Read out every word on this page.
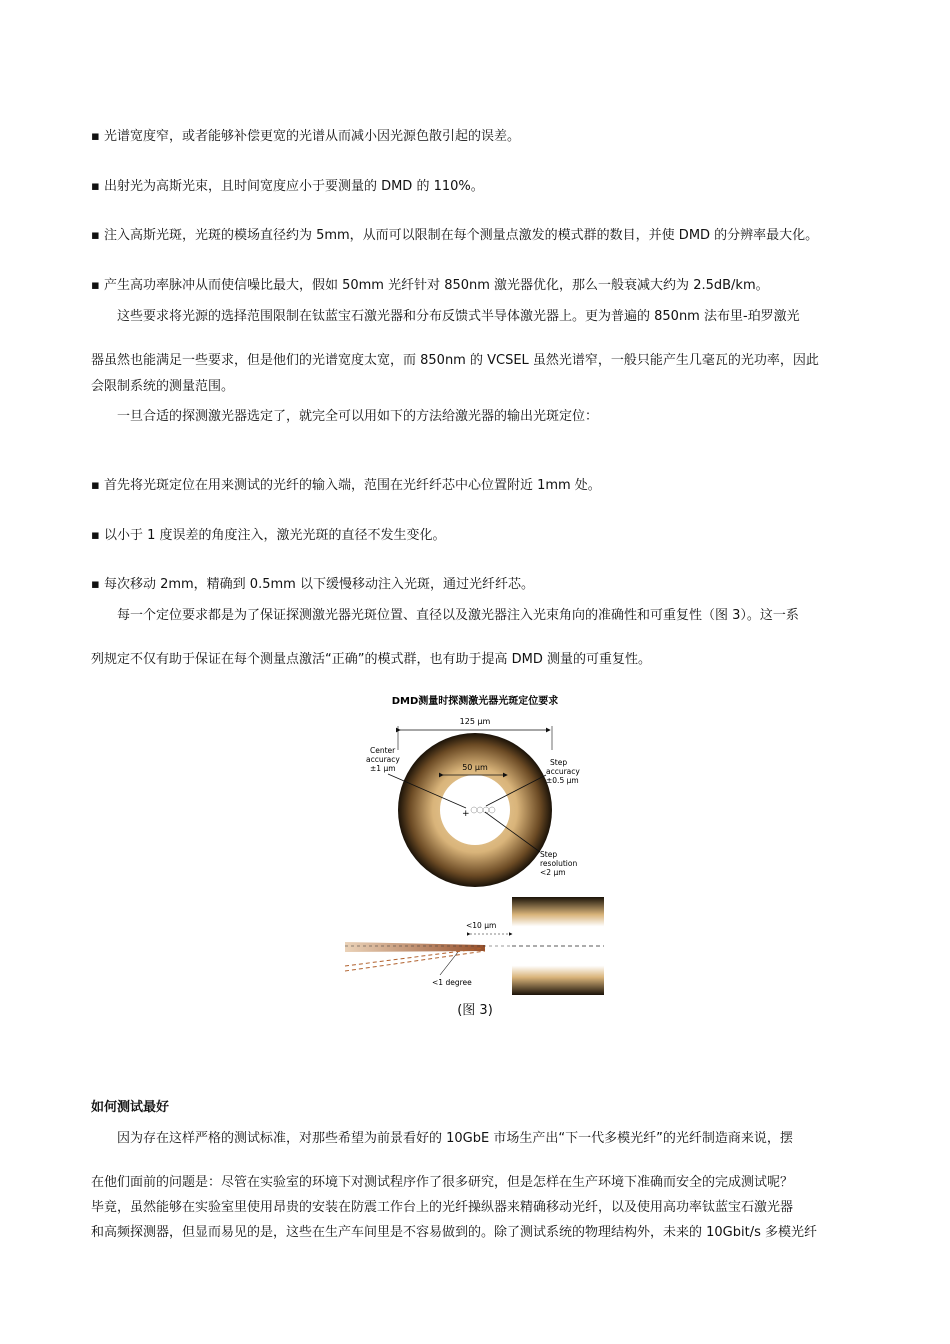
▪ 光谱宽度窄，或者能够补偿更宽的光谱从而减小因光源色散引起的误差。
▪ 出射光为高斯光束，且时间宽度应小于要测量的 DMD 的 110%。
▪ 注入高斯光斑，光斑的模场直径约为 5mm，从而可以限制在每个测量点激发的模式群的数目，并使 DMD 的分辨率最大化。
▪ 产生高功率脉冲从而使信噪比最大，假如 50mm 光纤针对 850nm 激光器优化，那么一般衰减大约为 2.5dB/km。
这些要求将光源的选择范围限制在钛蓝宝石激光器和分布反馈式半导体激光器上。更为普遍的 850nm 法布里-珀罗激光
器虽然也能满足一些要求，但是他们的光谱宽度太宽，而 850nm 的 VCSEL 虽然光谱窄，一般只能产生几毫瓦的光功率，因此
会限制系统的测量范围。
一旦合适的探测激光器选定了，就完全可以用如下的方法给激光器的输出光斑定位：
▪ 首先将光斑定位在用来测试的光纤的输入端，范围在光纤纤芯中心位置附近 1mm 处。
▪ 以小于 1 度误差的角度注入，激光光斑的直径不发生变化。
▪ 每次移动 2mm，精确到 0.5mm 以下缓慢移动注入光斑，通过光纤纤芯。
每一个定位要求都是为了保证探测激光器光斑位置、直径以及激光器注入光束角向的准确性和可重复性（图 3）。这一系
列规定不仅有助于保证在每个测量点激活“正确”的模式群，也有助于提高 DMD 测量的可重复性。
DMD测量时探测激光器光斑定位要求
125 μm
50 μm
+
Center
accuracy
±1 μm
Step
accuracy
±0.5 μm
Step
resolution
<2 μm
<10 μm
<1 degree
(图 3)
如何测试最好
因为存在这样严格的测试标准，对那些希望为前景看好的 10GbE 市场生产出“下一代多模光纤”的光纤制造商来说，摆
在他们面前的问题是：尽管在实验室的环境下对测试程序作了很多研究，但是怎样在生产环境下准确而安全的完成测试呢？
毕竟，虽然能够在实验室里使用昂贵的安装在防震工作台上的光纤操纵器来精确移动光纤，以及使用高功率钛蓝宝石激光器
和高频探测器，但显而易见的是，这些在生产车间里是不容易做到的。除了测试系统的物理结构外，未来的 10Gbit/s 多模光纤
